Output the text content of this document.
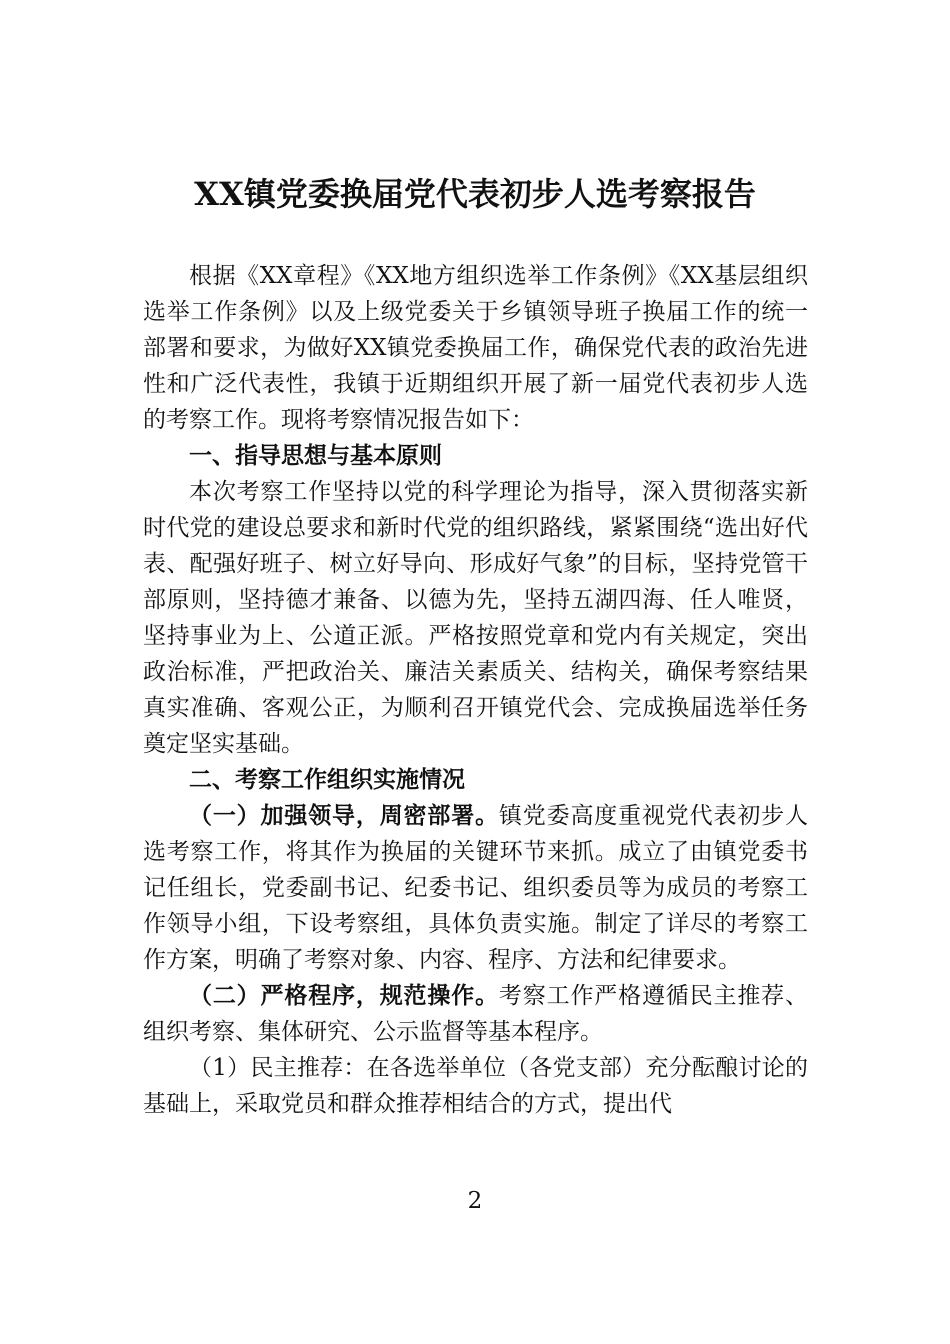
XX镇党委换届党代表初步人选考察报告

根据《XX章程》《XX地方组织选举工作条例》《XX基层组织选举工作条例》以及上级党委关于乡镇领导班子换届工作的统一部署和要求，为做好XX镇党委换届工作，确保党代表的政治先进性和广泛代表性，我镇于近期组织开展了新一届党代表初步人选的考察工作。现将考察情况报告如下：

一、指导思想与基本原则

本次考察工作坚持以党的科学理论为指导，深入贯彻落实新时代党的建设总要求和新时代党的组织路线，紧紧围绕“选出好代表、配强好班子、树立好导向、形成好气象”的目标，坚持党管干部原则，坚持德才兼备、以德为先，坚持五湖四海、任人唯贤，坚持事业为上、公道正派。严格按照党章和党内有关规定，突出政治标准，严把政治关、廉洁关素质关、结构关，确保考察结果真实准确、客观公正，为顺利召开镇党代会、完成换届选举任务奠定坚实基础。

二、考察工作组织实施情况

（一）加强领导，周密部署。镇党委高度重视党代表初步人选考察工作，将其作为换届的关键环节来抓。成立了由镇党委书记任组长，党委副书记、纪委书记、组织委员等为成员的考察工作领导小组，下设考察组，具体负责实施。制定了详尽的考察工作方案，明确了考察对象、内容、程序、方法和纪律要求。

（二）严格程序，规范操作。考察工作严格遵循民主推荐、组织考察、集体研究、公示监督等基本程序。

（1）民主推荐：在各选举单位（各党支部）充分酝酿讨论的基础上，采取党员和群众推荐相结合的方式，提出代

2
